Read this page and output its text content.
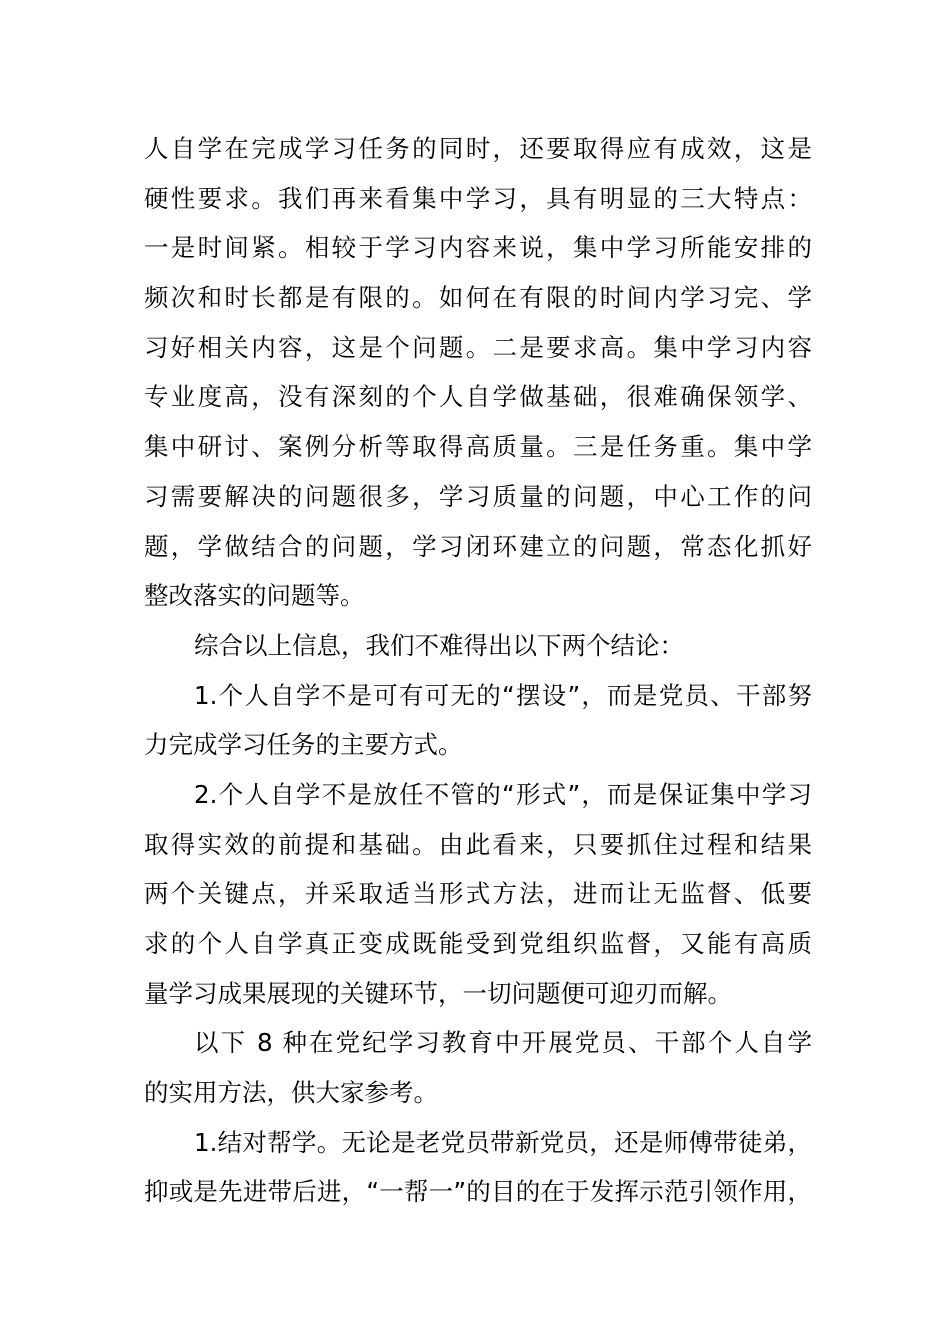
人自学在完成学习任务的同时，还要取得应有成效，这是
硬性要求。我们再来看集中学习，具有明显的三大特点：
一是时间紧。相较于学习内容来说，集中学习所能安排的
频次和时长都是有限的。如何在有限的时间内学习完、学
习好相关内容，这是个问题。二是要求高。集中学习内容
专业度高，没有深刻的个人自学做基础，很难确保领学、
集中研讨、案例分析等取得高质量。三是任务重。集中学
习需要解决的问题很多，学习质量的问题，中心工作的问
题，学做结合的问题，学习闭环建立的问题，常态化抓好
整改落实的问题等。
综合以上信息，我们不难得出以下两个结论：
1.个人自学不是可有可无的“摆设”，而是党员、干部努
力完成学习任务的主要方式。
2.个人自学不是放任不管的“形式”，而是保证集中学习
取得实效的前提和基础。由此看来，只要抓住过程和结果
两个关键点，并采取适当形式方法，进而让无监督、低要
求的个人自学真正变成既能受到党组织监督，又能有高质
量学习成果展现的关键环节，一切问题便可迎刃而解。
以下 8 种在党纪学习教育中开展党员、干部个人自学
的实用方法，供大家参考。
1.结对帮学。无论是老党员带新党员，还是师傅带徒弟，
抑或是先进带后进，“一帮一”的目的在于发挥示范引领作用，
